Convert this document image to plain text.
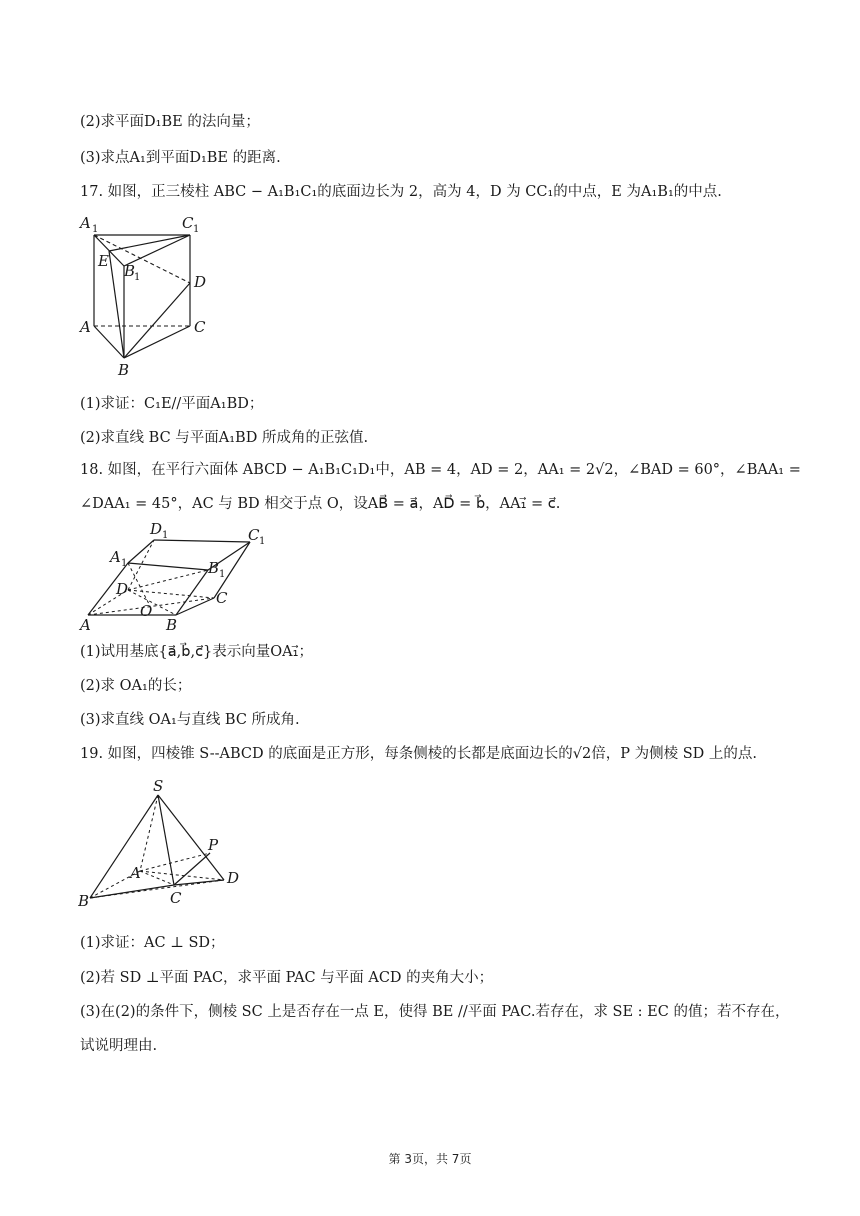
(2)求平面D₁BE 的法向量；
(3)求点A₁到平面D₁BE 的距离.
17. 如图，正三棱柱 ABC − A₁B₁C₁的底面边长为 2，高为 4，D 为 CC₁的中点，E 为A₁B₁的中点.
A 1	C 1
E
B
1	D
A	C
B
(1)求证：C₁E//平面A₁BD；
(2)求直线 BC 与平面A₁BD 所成角的正弦值.
18. 如图，在平行六面体 ABCD − A₁B₁C₁D₁中，AB = 4，AD = 2，AA₁ = 2√2，∠BAD = 60°，∠BAA₁ =
∠DAA₁ = 45°，AC 与 BD 相交于点 O，设AB⃗ = a⃗，AD⃗ = b⃗，AA₁⃗ = c⃗.
D 1	C 1
A 1	B 1
D
O
C
A	B
(1)试用基底{a⃗,b⃗,c⃗}表示向量OA₁⃗；
(2)求 OA₁的长；
(3)求直线 OA₁与直线 BC 所成角.
19. 如图，四棱锥 S--ABCD 的底面是正方形，每条侧棱的长都是底面边长的√2倍，P 为侧棱 SD 上的点.
S
P
A	D
B	C
(1)求证：AC ⊥ SD；
(2)若 SD ⊥平面 PAC，求平面 PAC 与平面 ACD 的夹角大小；
(3)在(2)的条件下，侧棱 SC 上是否存在一点 E，使得 BE //平面 PAC.若存在，求 SE : EC 的值；若不存在，
试说明理由.
第 3页，共 7页
